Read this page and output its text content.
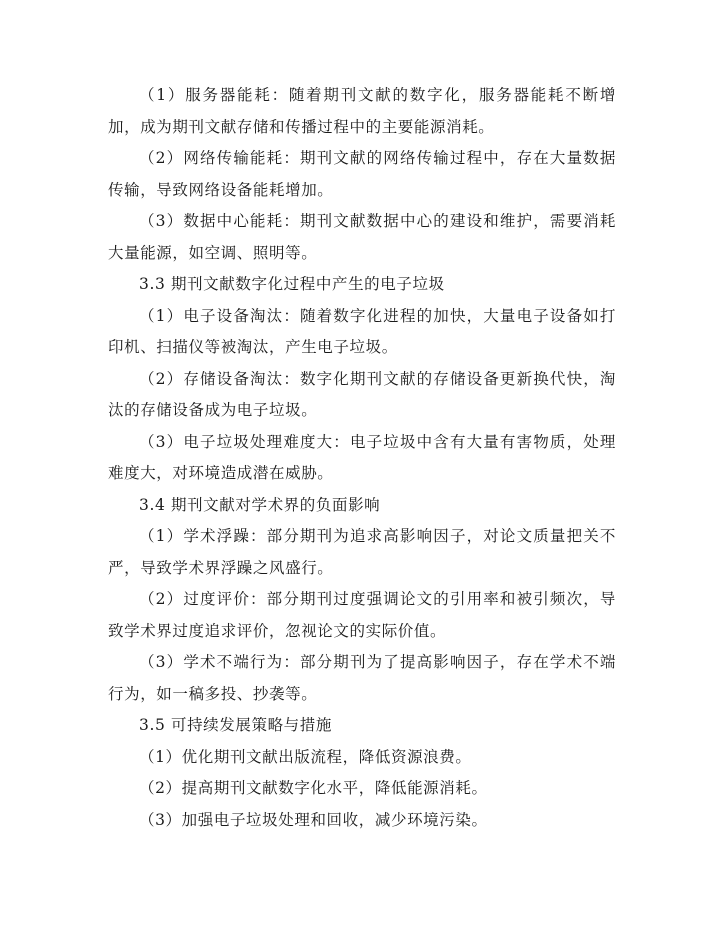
（1）服务器能耗：随着期刊文献的数字化，服务器能耗不断增加，成为期刊文献存储和传播过程中的主要能源消耗。

（2）网络传输能耗：期刊文献的网络传输过程中，存在大量数据传输，导致网络设备能耗增加。

（3）数据中心能耗：期刊文献数据中心的建设和维护，需要消耗大量能源，如空调、照明等。

3.3 期刊文献数字化过程中产生的电子垃圾

（1）电子设备淘汰：随着数字化进程的加快，大量电子设备如打印机、扫描仪等被淘汰，产生电子垃圾。

（2）存储设备淘汰：数字化期刊文献的存储设备更新换代快，淘汰的存储设备成为电子垃圾。

（3）电子垃圾处理难度大：电子垃圾中含有大量有害物质，处理难度大，对环境造成潜在威胁。

3.4 期刊文献对学术界的负面影响

（1）学术浮躁：部分期刊为追求高影响因子，对论文质量把关不严，导致学术界浮躁之风盛行。

（2）过度评价：部分期刊过度强调论文的引用率和被引频次，导致学术界过度追求评价，忽视论文的实际价值。

（3）学术不端行为：部分期刊为了提高影响因子，存在学术不端行为，如一稿多投、抄袭等。

3.5 可持续发展策略与措施

（1）优化期刊文献出版流程，降低资源浪费。

（2）提高期刊文献数字化水平，降低能源消耗。

（3）加强电子垃圾处理和回收，减少环境污染。
